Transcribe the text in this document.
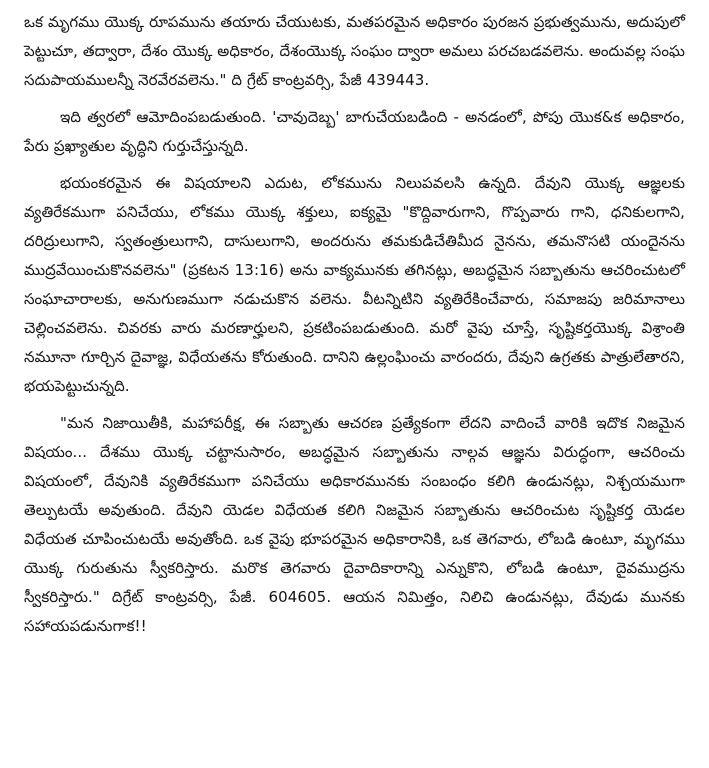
ఒక మృగము యొక్క రూపమును తయారు చేయుటకు, మతపరమైన అధికారం పురజన ప్రభుత్వమును, అదుపులో పెట్టుచూ, తద్వారా, దేశం యొక్క అధికారం, దేశంయొక్క సంఘం ద్వారా అమలు పరచబడవలెను. అందువల్ల సంఘ సదుపాయములన్నీ నెరవేరవలెను." ది గ్రేట్ కాంట్రవర్సి, పేజీ 439443.

ఇది త్వరలో ఆమోదింపబడుతుంది. 'చావుదెబ్బ' బాగుచేయబడింది - అనడంలో, పోపు యొక&క అధికారం, పేరు ప్రఖ్యాతుల వృద్ధిని గుర్తుచేస్తున్నది.

భయంకరమైన ఈ విషయాలని ఎదుట, లోకమును నిలుపవలసి ఉన్నది. దేవుని యొక్క ఆజ్ఞలకు వ్యతిరేకముగా పనిచేయు, లోకము యొక్క శక్తులు, ఐక్యమై "కొద్దివారుగాని, గొప్పవారు గాని, ధనికులగాని, దరిద్రులుగాని, స్వతంత్రులుగాని, దాసులుగాని, అందరును తమకుడిచేతిమీద నైనను, తమనొసటి యందైనను ముద్రవేయించుకొనవలెను" (ప్రకటన 13:16) అను వాక్యమునకు తగినట్లు, అబద్ధమైన సబ్బాతును ఆచరించుటలో సంఘాచారాలకు, అనుగుణముగా నడుచుకొన వలెను. వీటన్నిటిని వ్యతిరేకించేవారు, సమాజపు జరిమానాలు చెల్లించవలెను. చివరకు వారు మరణార్హులని, ప్రకటింపబడుతుంది. మరో వైపు చూస్తే, సృష్టికర్తయొక్క విశ్రాంతి నమూనా గూర్చిన దైవాజ్ఞ, విధేయతను కోరుతుంది. దానిని ఉల్లంఘించు వారందరు, దేవుని ఉగ్రతకు పాత్రులేతారని, భయపెట్టుచున్నది.

"మన నిజాయితీకి, మహాపరీక్ష, ఈ సబ్బాతు ఆచరణ ప్రత్యేకంగా లేదని వాదించే వారికి ఇదొక నిజమైన విషయం... దేశము యొక్క చట్టానుసారం, అబద్ధమైన సబ్బాతును నాల్గవ ఆజ్ఞను విరుద్ధంగా, ఆచరించు విషయంలో, దేవునికి వ్యతిరేకముగా పనిచేయు అధికారమునకు సంబంధం కలిగి ఉండునట్లు, నిశ్చయముగా తెల్పుటయే అవుతుంది. దేవుని యెడల విధేయత కలిగి నిజమైన సబ్బాతును ఆచరించుట సృష్టికర్త యెడల విధేయత చూపించుటయే అవుతోంది. ఒక వైపు భూపరమైన అధికారానికి, ఒక తెగవారు, లోబడి ఉంటూ, మృగము యొక్క గురుతును స్వీకరిస్తారు. మరొక తెగవారు దైవాదికారాన్ని ఎన్నుకొని, లోబడి ఉంటూ, దైవముద్రను స్వీకరిస్తారు." దిగ్రేట్ కాంట్రవర్సి, పేజీ. 604605. ఆయన నిమిత్తం, నిలిచి ఉండునట్లు, దేవుడు మునకు సహాయపడునుగాక!!
